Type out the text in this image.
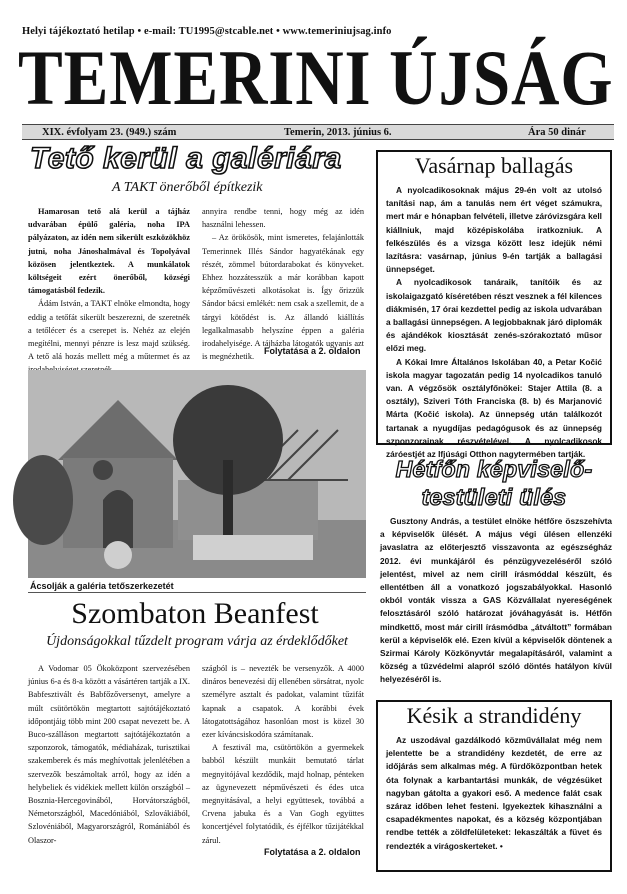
Helyi tájékoztató hetilap • e-mail: TU1995@stcable.net • www.temeriniujsag.info
TEMERINI ÚJSÁG
XIX. évfolyam 23. (949.) szám	Temerin, 2013. június 6.	Ára 50 dinár
Tető kerül a galériára
A TAKT önerőből építkezik

Hamarosan tető alá kerül a tájház udvarában épülő galéria, noha IPA pályázaton, az idén nem sikerült eszközökhöz jutni, noha Jánoshalmával és Topolyával közösen jelentkeztek. A munkálatok költségeit ezért önerőből, községi támogatásból fedezik.

Ádám István, a TAKT elnöke elmondta, hogy eddig a tetőfát sikerült beszerezni, de szeretnék a tetőléceт és a cserepet is. Nehéz az elején megítélni, mennyi pénzre is lesz majd szükség. A tető alá hozás mellett még a műtermet és az

annyira rendbe tenni, hogy még az idén használni lehessen.

– Az örökösök, mint ismeretes, felajánlották Temerinnek Illés Sándor hagyatékának egy részét, zömmel bútordarabokat és könyveket. Ehhez hozzátesszük a már korábban kapott képzőművészeti alkotásokat is. Így őrizzük Sándor bácsi emlékét: nem csak a szellemit, de a tárgyi kötődést is. Az állandó kiállítás legalkalmasabb helyszíne éppen a galéria irodahelyisége. A tájházba látogatók ugyanis azt is megnézhetik.

Folytatása a 2. oldalon
Ácsolják a galéria tetőszerkezetét
Szombaton Beanfest
Újdonságokkal tűzdelt program várja az érdeklődőket

A Vodomar 05 Ökoközpont szervezésében június 6-a és 8-a között a vásártéren tartják a IX. Babfesztivált és Babfőzőversenyt, amelyre a múlt csütörtökön megtartott sajtótájékoztató időpontjáig több mint 200 csapat nevezett be. A Buco-szálláson megtartott sajtótájékoztatón a szponzorok, támogatók, médiaházak, turisztikai szakemberek és más meghívottak jelenlétében a szervezők beszámoltak arról, hogy az idén a helybeliek és vidékiek mellett külön országból – Bosznia-Hercegovinából, Horvátországból, Németországból, Macedóniából, Szlovákiából, Szlovéniából, Magyarországról, Romániából és Olaszor-

szágból is – nevezték be versenyzők. A 4000 dináros benevezési díj ellenében sörsátrat, nyolc személyre asztalt és padokat, valamint tűzifát kapnak a csapatok. A korábbi évek látogatottságához hasonlóan most is közel 30 ezer kíváncsiskodóra számítanak.

A fesztivál ma, csütörtökön a gyermekek babból készült munkáit bemutató tárlat megnyitójával kezdődik, majd holnap, pénteken az ügynevezett népművészeti és édes utca megnyitásával, a helyi együttesek, továbbá a Crvena jabuka és a Van Gogh együttes koncertjével folytatódik, és éjfélkor tűzijátékkal zárul.

Folytatása a 2. oldalon
Vasárnap ballagás

A nyolcadikosoknak május 29-én volt az utolsó tanítási nap, ám a tanulás nem ért véget számukra, mert már e hónapban felvételi, illetve záróvizsgára kell kiállniuk, majd középiskolába iratkozniuk. A felkészülés és a vizsga között lesz idejük némi lazításra: vasárnap, június 9-én tartják a ballagási ünnepséget.

A nyolcadikosok tanáraik, tanítóik és az iskolaigazgató kíséretében részt vesznek a fél kilences diákmisén, 17 órai kezdettel pedig az iskola udvarában a ballagási ünnepségen. A legjobbaknak járó diplomák és ajándékok kiosztását zenés-szórakoztató műsor előzi meg.

A Kókai Imre Általános Iskolában 40, a Petar Kočić iskola magyar tagozatán pedig 14 nyolcadikos tanuló van. A végzősök osztályfőnökei: Stajer Attila (8. a osztály), Sziveri Tóth Franciska (8. b) és Marjanović Márta (Kočić iskola). Az ünnepség után találkozót tartanak a nyugdíjas pedagógusok és az ünnepség szponzorainak részvételével. A nyolcadikosok záróestjét az Ifjúsági Otthon nagytermében tartják.

Hétfőn képviselő-testületi ülés

Gusztony András, a testület elnöke hétfőre öszszehívta a képviselők ülését. A május végi ülésen ellenzéki javaslatra az előterjesztő visszavonta az egészségház 2012. évi munkájáról és pénzügyvezeléséről szóló jelentést, mivel az nem cirill írásmóddal készült, és ellentétben áll a vonatkozó jogszabályokkal. Hasonló okból vonták vissza a GAS Közvállalat nyereségének felosztásáról szóló határozat jóváhagyását is. Hétfőn mindkettő, most már cirill írásmódba „átváltott” formában kerül a képviselők elé. Ezen kívül a képviselők döntenek a Szirmai Károly Közkönyvtár megalapításáról, valamint a község a tűzvédelmi alapról szóló döntés hatályon kívül helyezéséről is.

Késik a strandidény

Az uszodával gazdálkodó közművállalat még nem jelentette be a strandidény kezdetét, de erre az időjárás sem alkalmas még. A fürdőközpontban hetek óta folynak a karbantartási munkák, de végzésüket nagyban gátolta a gyakori eső. A medence falát csak száraz időben lehet festeni. Igyekeztek kihasználni a csapadékmentes napokat, és a község központjában rendbe tették a zöldfelületeket: lekaszálták a füvet és rendezték a virágoskerteket. •
